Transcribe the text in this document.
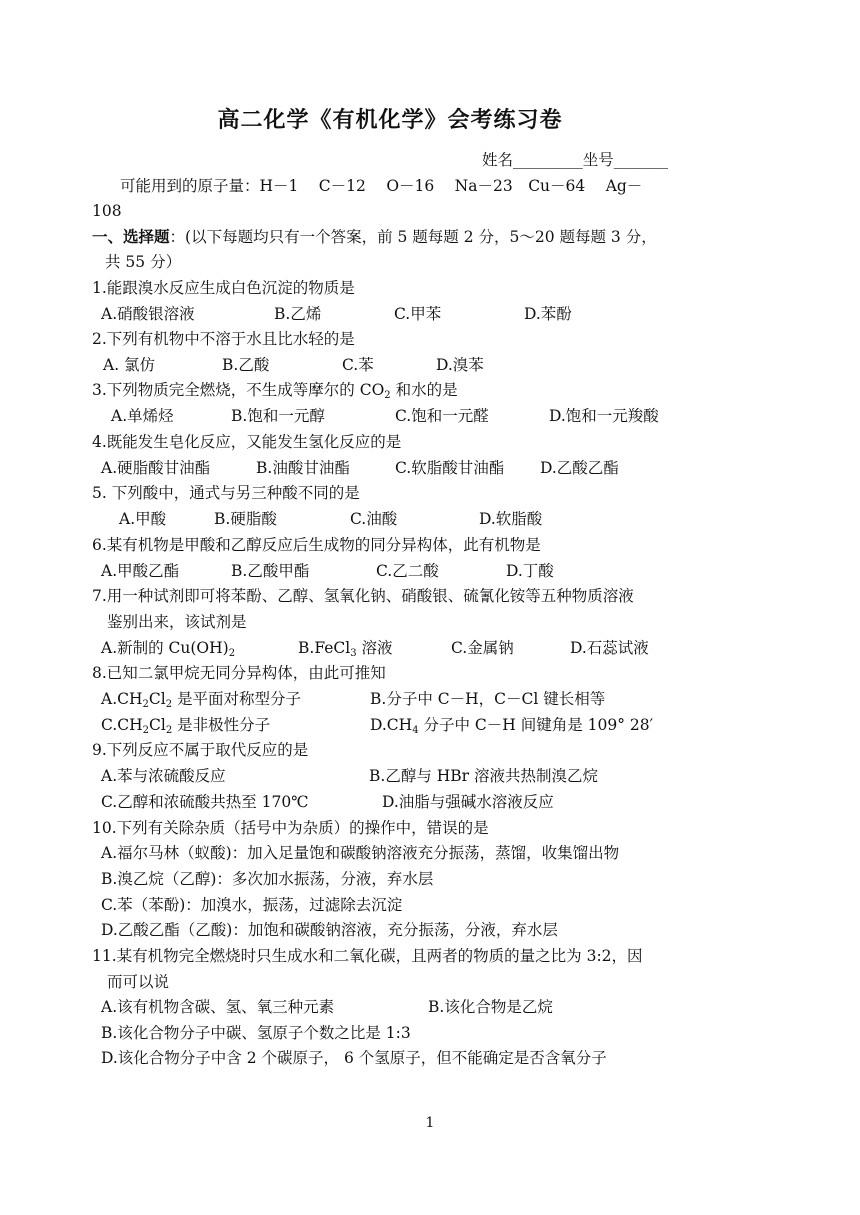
高二化学《有机化学》会考练习卷
姓名_________坐号_______
可能用到的原子量：H－1　 C－12　 O－16　 Na－23　Cu－64　 Ag－
108
一、选择题：(以下每题均只有一个答案，前 5 题每题 2 分，5～20 题每题 3 分，
共 55 分）
1.能跟溴水反应生成白色沉淀的物质是
A.硝酸银溶液	B.乙烯	C.甲苯	D.苯酚
2.下列有机物中不溶于水且比水轻的是
A. 氯仿	B.乙酸	C.苯	D.溴苯
3.下列物质完全燃烧，不生成等摩尔的 $CO_2$ 和水的是
A.单烯烃	B.饱和一元醇	C.饱和一元醛	D.饱和一元羧酸
4.既能发生皂化反应，又能发生氢化反应的是
A.硬脂酸甘油酯	B.油酸甘油酯	C.软脂酸甘油酯 D.乙酸乙酯
5. 下列酸中，通式与另三种酸不同的是
A.甲酸	B.硬脂酸	C.油酸	D.软脂酸
6.某有机物是甲酸和乙醇反应后生成物的同分异构体，此有机物是
A.甲酸乙酯	B.乙酸甲酯	C.乙二酸	D.丁酸
7.用一种试剂即可将苯酚、乙醇、氢氧化钠、硝酸银、硫氰化铵等五种物质溶液
鉴别出来，该试剂是
A.新制的 $Cu(OH)_2$	B.FeCl$_3$ 溶液	C.金属钠	D.石蕊试液
8.已知二氯甲烷无同分异构体，由此可推知
$A.CH_2Cl_2$ 是平面对称型分子	B.分子中 C－H，C－Cl 键长相等
$C.CH_2Cl_2$ 是非极性分子	$D.CH_4$ 分子中 C－H 间键角是 109° 28′
9.下列反应不属于取代反应的是
A.苯与浓硫酸反应	B.乙醇与 HBr 溶液共热制溴乙烷
C.乙醇和浓硫酸共热至 170℃	D.油脂与强碱水溶液反应
10.下列有关除杂质（括号中为杂质）的操作中，错误的是
A.福尔马林（蚁酸)：加入足量饱和碳酸钠溶液充分振荡，蒸馏，收集馏出物
B.溴乙烷（乙醇)：多次加水振荡，分液，弃水层
C.苯（苯酚)：加溴水，振荡，过滤除去沉淀
D.乙酸乙酯（乙酸)：加饱和碳酸钠溶液，充分振荡，分液，弃水层
11.某有机物完全燃烧时只生成水和二氧化碳，且两者的物质的量之比为 3:2，因
而可以说
A.该有机物含碳、氢、氧三种元素	B.该化合物是乙烷
B.该化合物分子中碳、氢原子个数之比是 1:3
D.该化合物分子中含 2 个碳原子， 6 个氢原子，但不能确定是否含氧分子
1
